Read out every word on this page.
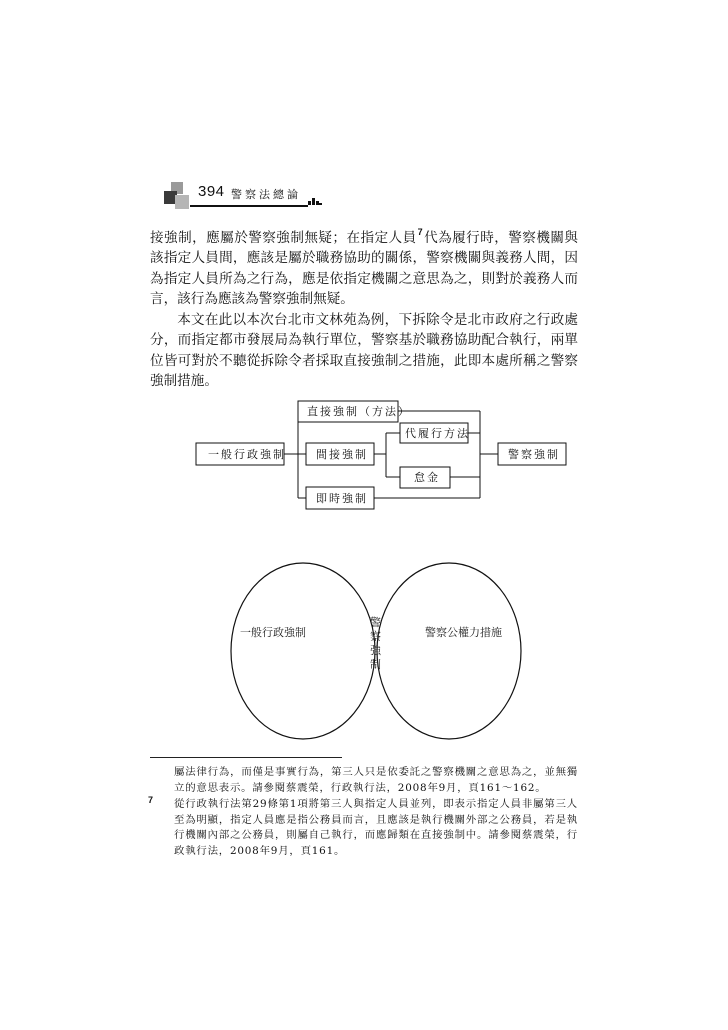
394 警察法總論

接強制，應屬於警察強制無疑；在指定人員$^7$代為履行時，警察機關與該指定人員間，應該是屬於職務協助的關係，警察機關與義務人間，因為指定人員所為之行為，應是依指定機關之意思為之，則對於義務人而言，該行為應該為警察強制無疑。

本文在此以本次台北市文林苑為例，下拆除令是北市政府之行政處分，而指定都市發展局為執行單位，警察基於職務協助配合執行，兩單位皆可對於不聽從拆除令者採取直接強制之措施，此即本處所稱之警察強制措施。

直接強制（方法）
一般行政強制	間接強制
即時強制
代履行方法
怠金
警察強制
一般行政強制
警
察
強
制
警察公權力措施

屬法律行為，而僅是事實行為，第三人只是依委託之警察機關之意思為之，並無獨立的意思表示。請參閱蔡震榮，行政執行法，2008年9月，頁161～162。

7 從行政執行法第29條第1項將第三人與指定人員並列，即表示指定人員非屬第三人至為明顯，指定人員應是指公務員而言，且應該是執行機關外部之公務員，若是執行機關內部之公務員，則屬自己執行，而應歸類在直接強制中。請參閱蔡震榮，行政執行法，2008年9月，頁161。
